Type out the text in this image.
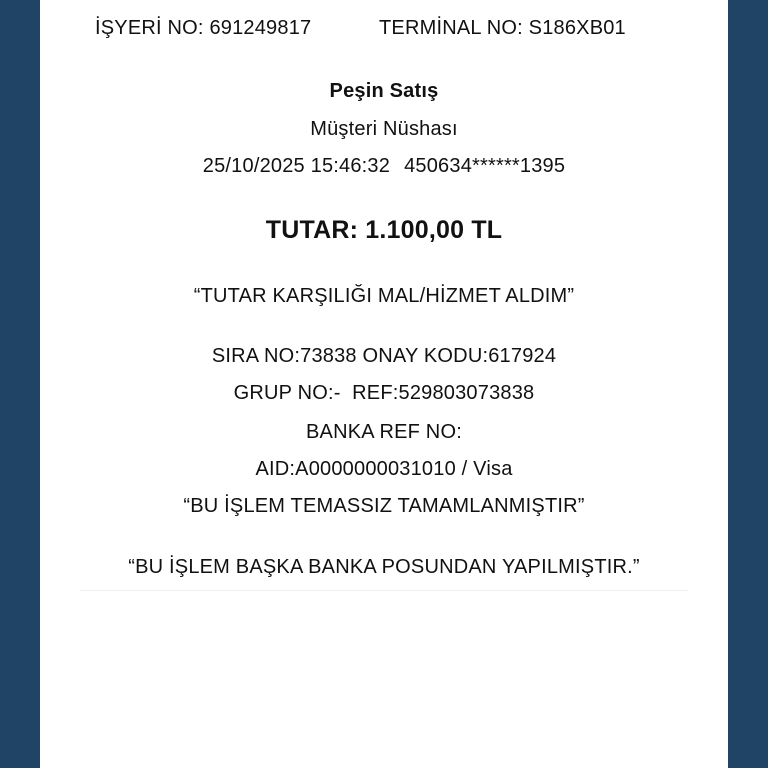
İŞYERİ NO: 691249817	TERMİNAL NO: S186XB01
Peşin Satış
Müşteri Nüshası
25/10/2025 15:46:32 450634******1395
TUTAR: 1.100,00 TL
“TUTAR KARŞILIĞI MAL/HİZMET ALDIM”
SIRA NO:73838 ONAY KODU:617924
GRUP NO:-  REF:529803073838
BANKA REF NO:
AID:A0000000031010 / Visa
“BU İŞLEM TEMASSIZ TAMAMLANMIŞTIR”
“BU İŞLEM BAŞKA BANKA POSUNDAN YAPILMIŞTIR.”
